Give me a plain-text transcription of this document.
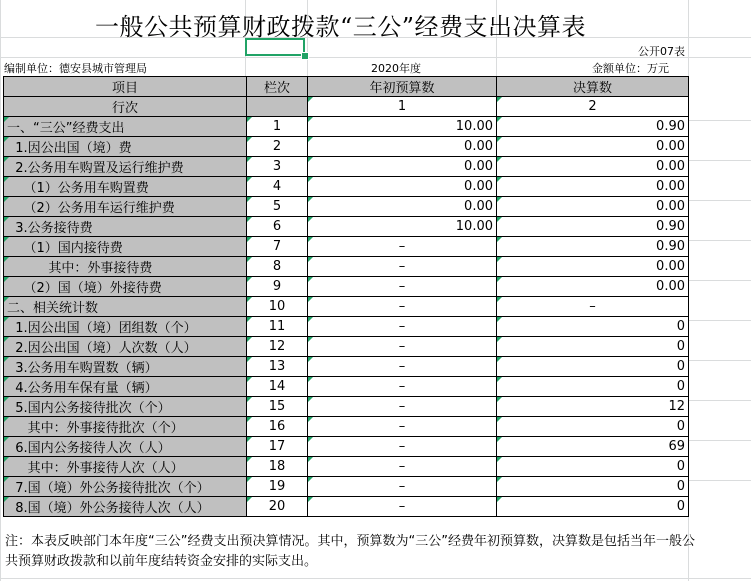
一般公共预算财政拨款“三公”经费支出决算表
公开07表
编制单位：德安县城市管理局	2020年度	金额单位：万元
项目	栏次	年初预算数	决算数
行次		1	2
一、“三公”经费支出	1	10.00	0.90
1.因公出国（境）费	2	0.00	0.00
2.公务用车购置及运行维护费	3	0.00	0.00
（1）公务用车购置费	4	0.00	0.00
（2）公务用车运行维护费	5	0.00	0.00
3.公务接待费	6	10.00	0.90
（1）国内接待费	7	–	0.90
其中：外事接待费	8	–	0.00
（2）国（境）外接待费	9	–	0.00
二、相关统计数	10	–	–
1.因公出国（境）团组数（个）	11	–	0
2.因公出国（境）人次数（人）	12	–	0
3.公务用车购置数（辆）	13	–	0
4.公务用车保有量（辆）	14	–	0
5.国内公务接待批次（个）	15	–	12
其中：外事接待批次（个）	16	–	0
6.国内公务接待人次（人）	17	–	69
其中：外事接待人次（人）	18	–	0
7.国（境）外公务接待批次（个）	19	–	0
8.国（境）外公务接待人次（人）	20	–	0
注：本表反映部门本年度“三公”经费支出预决算情况。其中，预算数为“三公”经费年初预算数，决算数是包括当年一般公共预算财政拨款和以前年度结转资金安排的实际支出。
